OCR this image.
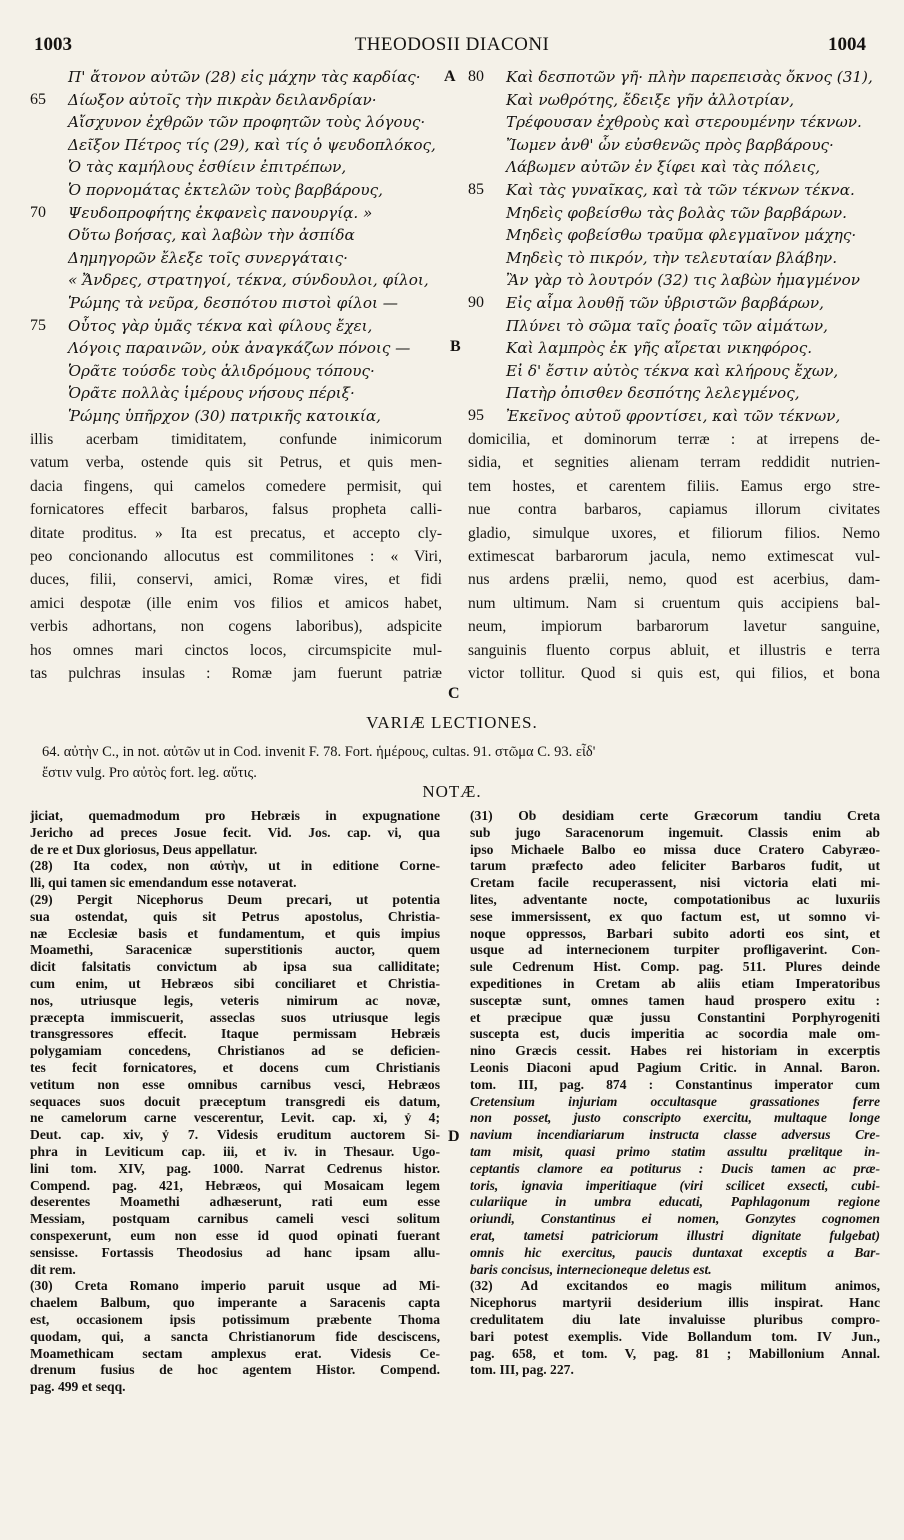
1003	THEODOSII DIACONI	1004
Π' ἄτονον αὐτῶν (28) εἰς μάχην τὰς καρδίας·
65	Δίωξον αὐτοῖς τὴν πικρὰν δειλανδρίαν·
Αἴσχυνον ἐχθρῶν τῶν προφητῶν τοὺς λόγους·
Δεῖξον Πέτρος τίς (29), καὶ τίς ὁ ψευδοπλόκος,
Ὁ τὰς καμήλους ἐσθίειν ἐπιτρέπων,
Ὁ πορνομάτας ἐκτελῶν τοὺς βαρβάρους,
70	Ψευδοπροφήτης ἐκφανεὶς πανουργίᾳ. »
Οὕτω βοήσας, καὶ λαβὼν τὴν ἀσπίδα
Δημηγορῶν ἔλεξε τοῖς συνεργάταις·
« Ἄνδρες, στρατηγοί, τέκνα, σύνδουλοι, φίλοι,
Ῥώμης τὰ νεῦρα, δεσπότου πιστοὶ φίλοι —
75	Οὗτος γὰρ ὑμᾶς τέκνα καὶ φίλους ἔχει,
Λόγοις παραινῶν, οὐκ ἀναγκάζων πόνοις —
Ὁρᾶτε τούσδε τοὺς ἁλιδρόμους τόπους·
Ὁρᾶτε πολλὰς ἱμέρους νήσους πέριξ·
Ῥώμης ὑπῆρχον (30) πατρικῆς κατοικία,
80	Καὶ δεσποτῶν γῆ· πλὴν παρεπεισὰς ὄκνος (31),
Καὶ νωθρότης, ἔδειξε γῆν ἀλλοτρίαν,
Τρέφουσαν ἐχθροὺς καὶ στερουμένην τέκνων.
Ἴωμεν ἀνθ' ὧν εὐσθενῶς πρὸς βαρβάρους·
Λάβωμεν αὐτῶν ἐν ξίφει καὶ τὰς πόλεις,
85	Καὶ τὰς γυναῖκας, καὶ τὰ τῶν τέκνων τέκνα.
Μηδεὶς φοβείσθω τὰς βολὰς τῶν βαρβάρων.
Μηδεὶς φοβείσθω τραῦμα φλεγμαῖνον μάχης·
Μηδεὶς τὸ πικρόν, τὴν τελευταίαν βλάβην.
Ἂν γὰρ τὸ λουτρόν (32) τις λαβὼν ἡμαγμένον
90	Εἰς αἷμα λουθῇ τῶν ὑβριστῶν βαρβάρων,
Πλύνει τὸ σῶμα ταῖς ῥοαῖς τῶν αἱμάτων,
Καὶ λαμπρὸς ἐκ γῆς αἴρεται νικηφόρος.
Εἰ δ' ἔστιν αὐτὸς τέκνα καὶ κλήρους ἔχων,
Πατὴρ ὀπισθεν δεσπότης λελεγμένος,
95	Ἐκεῖνος αὐτοῦ φροντίσει, καὶ τῶν τέκνων,
A
B
illis acerbam timiditatem, confunde inimicorum
vatum verba, ostende quis sit Petrus, et quis men-
dacia fingens, qui camelos comedere permisit, qui
fornicatores effecit barbaros, falsus propheta calli-
ditate proditus. » Ita est precatus, et accepto cly-
peo concionando allocutus est commilitones : « Viri,
duces, filii, conservi, amici, Romæ vires, et fidi
amici despotæ (ille enim vos filios et amicos habet,
verbis adhortans, non cogens laboribus), adspicite
hos omnes mari cinctos locos, circumspicite mul-
tas pulchras insulas : Romæ jam fuerunt patriæ
domicilia, et dominorum terræ : at irrepens de-
sidia, et segnities alienam terram reddidit nutrien-
tem hostes, et carentem filiis. Eamus ergo stre-
nue contra barbaros, capiamus illorum civitates
gladio, simulque uxores, et filiorum filios. Nemo
extimescat barbarorum jacula, nemo extimescat vul-
nus ardens prælii, nemo, quod est acerbius, dam-
num ultimum. Nam si cruentum quis accipiens bal-
neum, impiorum barbarorum lavetur sanguine,
sanguinis fluento corpus abluit, et illustris e terra
victor tollitur. Quod si quis est, qui filios, et bona
C
VARIÆ LECTIONES.
64. αὐτὴν C., in not. αὐτῶν ut in Cod. invenit F. 78. Fort. ἡμέρους, cultas. 91. στῶμα C. 93. εἶδ'
ἔστιν vulg. Pro αὐτὸς fort. leg. αὔτις.
NOTÆ.
jiciat, quemadmodum pro Hebræis in expugnatione
Jericho ad preces Josue fecit. Vid. Jos. cap. vi, qua
de re et Dux gloriosus, Deus appellatur.
(28) Ita codex, non αὐτὴν, ut in editione Corne-
lli, qui tamen sic emendandum esse notaverat.
(29) Pergit Nicephorus Deum precari, ut potentia
sua ostendat, quis sit Petrus apostolus, Christia-
næ Ecclesiæ basis et fundamentum, et quis impius
Moamethi, Saracenicæ superstitionis auctor, quem
dicit falsitatis convictum ab ipsa sua calliditate;
cum enim, ut Hebræos sibi conciliaret et Christia-
nos, utriusque legis, veteris nimirum ac novæ,
præcepta immiscuerit, asseclas suos utriusque legis
transgressores effecit. Itaque permissam Hebræis
polygamiam concedens, Christianos ad se deficien-
tes fecit fornicatores, et docens cum Christianis
vetitum non esse omnibus carnibus vesci, Hebræos
sequaces suos docuit præceptum transgredi eis datum,
ne camelorum carne vescerentur, Levit. cap. xi, ỷ 4;
Deut. cap. xiv, ỷ 7. Videsis eruditum auctorem Si-
phra in Leviticum cap. iii, et iv. in Thesaur. Ugo-
lini tom. XIV, pag. 1000. Narrat Cedrenus histor.
Compend. pag. 421, Hebræos, qui Mosaicam legem
deserentes Moamethi adhæserunt, rati eum esse
Messiam, postquam carnibus cameli vesci solitum
conspexerunt, eum non esse id quod opinati fuerant
sensisse. Fortassis Theodosius ad hanc ipsam allu-
dit rem.
(30) Creta Romano imperio paruit usque ad Mi-
chaelem Balbum, quo imperante a Saracenis capta
est, occasionem ipsis potissimum præbente Thoma
quodam, qui, a sancta Christianorum fide desciscens,
Moamethicam sectam amplexus erat. Videsis Ce-
drenum fusius de hoc agentem Histor. Compend.
pag. 499 et seqq.
(31) Ob desidiam certe Græcorum tandiu Creta
sub jugo Saracenorum ingemuit. Classis enim ab
ipso Michaele Balbo eo missa duce Cratero Cabyræo-
tarum præfecto adeo feliciter Barbaros fudit, ut
Cretam facile recuperassent, nisi victoria elati mi-
lites, adventante nocte, compotationibus ac luxuriis
sese immersissent, ex quo factum est, ut somno vi-
noque oppressos, Barbari subito adorti eos sint, et
usque ad internecionem turpiter profligaverint. Con-
sule Cedrenum Hist. Comp. pag. 511. Plures deinde
expeditiones in Cretam ab aliis etiam Imperatoribus
susceptæ sunt, omnes tamen haud prospero exitu :
et præcipue quæ jussu Constantini Porphyrogeniti
suscepta est, ducis imperitia ac socordia male om-
nino Græcis cessit. Habes rei historiam in excerptis
Leonis Diaconi apud Pagium Critic. in Annal. Baron.
tom. III, pag. 874 : Constantinus imperator cum
Cretensium injuriam occultasque grassationes ferre
non posset, justo conscripto exercitu, multaque longe
navium incendiariarum instructa classe adversus Cre-
tam misit, quasi primo statim assultu prælitque in-
ceptantis clamore ea potiturus : Ducis tamen ac præ-
toris, ignavia imperitiaque (viri scilicet exsecti, cubi-
culariique in umbra educati, Paphlagonum regione
oriundi, Constantinus ei nomen, Gonzytes cognomen
erat, tametsi patriciorum illustri dignitate fulgebat)
omnis hic exercitus, paucis duntaxat exceptis a Bar-
baris concisus, internecioneque deletus est.
(32) Ad excitandos eo magis militum animos,
Nicephorus martyrii desiderium illis inspirat. Hanc
credulitatem diu late invaluisse pluribus compro-
bari potest exemplis. Vide Bollandum tom. IV Jun.,
pag. 658, et tom. V, pag. 81 ; Mabillonium Annal.
tom. III, pag. 227.
D
